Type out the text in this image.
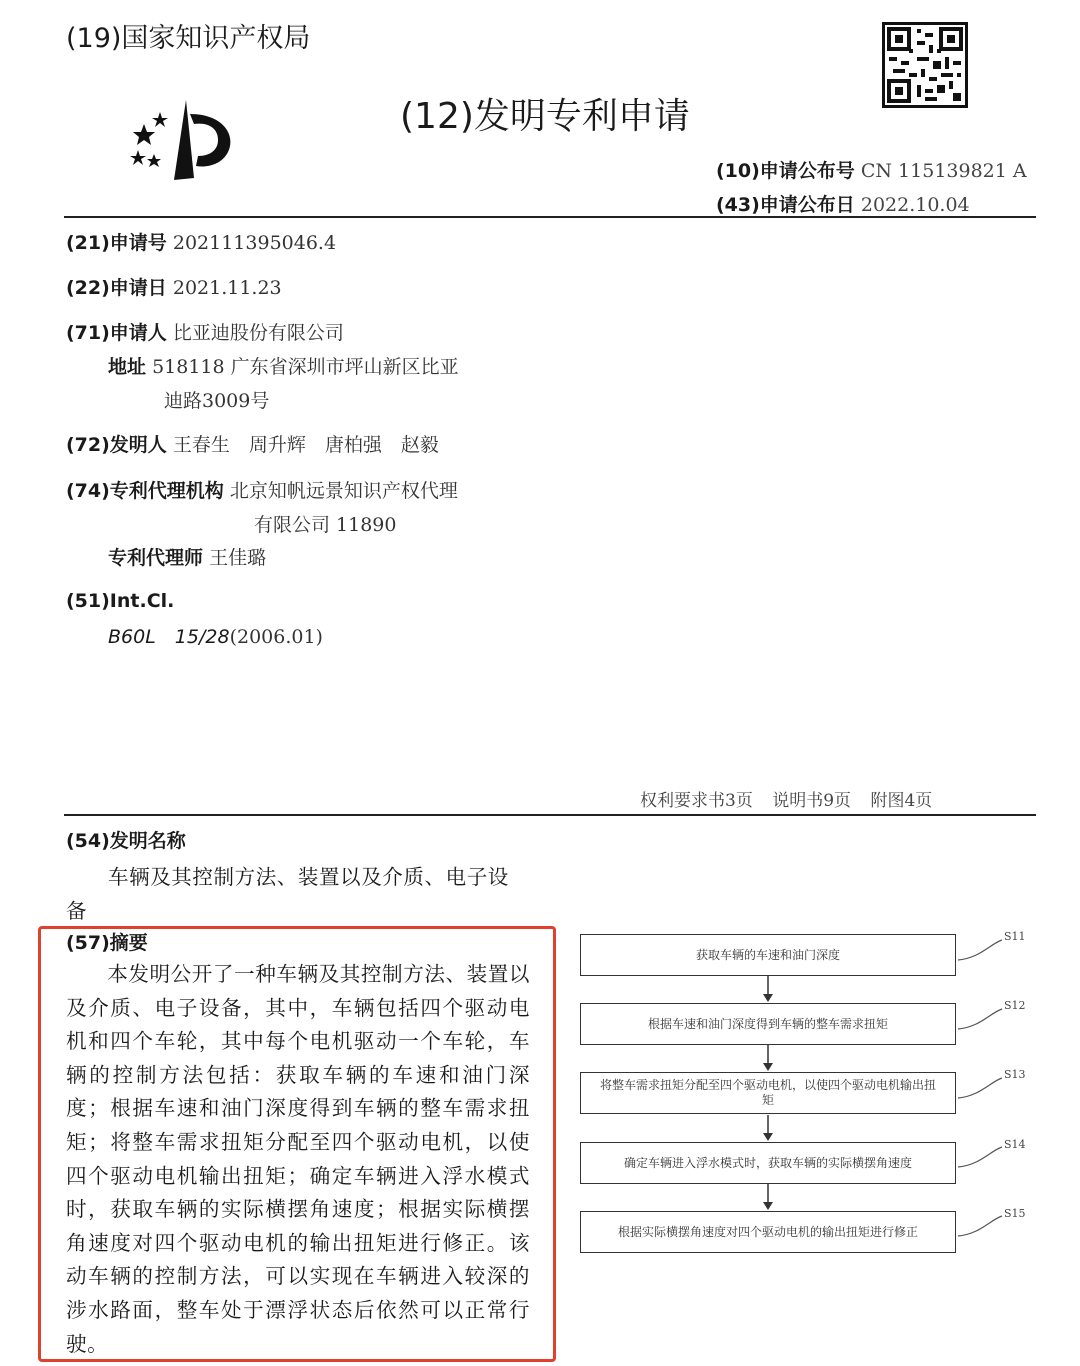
(19)国家知识产权局
(12)发明专利申请
(10)申请公布号 CN 115139821 A
(43)申请公布日 2022.10.04
(21)申请号 202111395046.4
(22)申请日 2021.11.23
(71)申请人 比亚迪股份有限公司
地址 518118 广东省深圳市坪山新区比亚
迪路3009号
(72)发明人 王春生　周升辉　唐柏强　赵毅
(74)专利代理机构 北京知帆远景知识产权代理
有限公司 11890
专利代理师 王佳璐
(51)Int.Cl.
B60L　15/28(2006.01)
权利要求书3页 说明书9页 附图4页
(54)发明名称
车辆及其控制方法、装置以及介质、电子设
备
(57)摘要
本发明公开了一种车辆及其控制方法、装置以及介质、电子设备，其中，车辆包括四个驱动电机和四个车轮，其中每个电机驱动一个车轮，车辆的控制方法包括：获取车辆的车速和油门深度；根据车速和油门深度得到车辆的整车需求扭矩；将整车需求扭矩分配至四个驱动电机，以使四个驱动电机输出扭矩；确定车辆进入浮水模式时，获取车辆的实际横摆角速度；根据实际横摆角速度对四个驱动电机的输出扭矩进行修正。该动车辆的控制方法，可以实现在车辆进入较深的涉水路面，整车处于漂浮状态后依然可以正常行驶。
获取车辆的车速和油门深度
S11
根据车速和油门深度得到车辆的整车需求扭矩
S12
将整车需求扭矩分配至四个驱动电机，以使四个驱动电机输出扭矩
S13
确定车辆进入浮水模式时，获取车辆的实际横摆角速度
S14
根据实际横摆角速度对四个驱动电机的输出扭矩进行修正
S15
